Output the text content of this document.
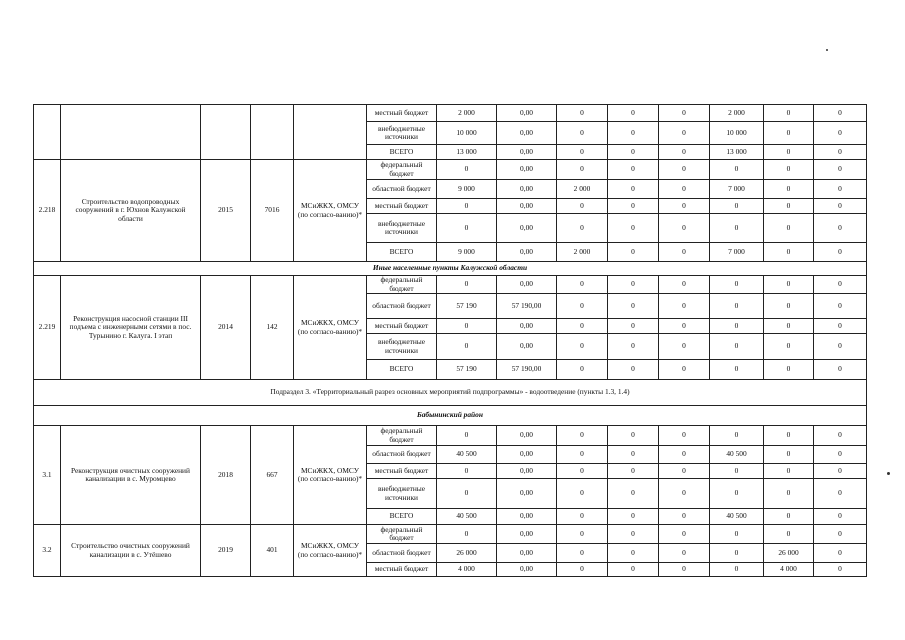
					местный бюджет	2 000	0,00	0	0	0	2 000	0	0
					внебюджетные источники	10 000	0,00	0	0	0	10 000	0	0
					ВСЕГО	13 000	0,00	0	0	0	13 000	0	0
2.218	Строительство водопроводных сооружений в г. Юхнов Калужской области	2015	7016	МСиЖКХ, ОМСУ (по согласо-ванию)*	федеральный бюджет	0	0,00	0	0	0	0	0	0
					областной бюджет	9 000	0,00	2 000	0	0	7 000	0	0
					местный бюджет	0	0,00	0	0	0	0	0	0
					внебюджетные источники	0	0,00	0	0	0	0	0	0
					ВСЕГО	9 000	0,00	2 000	0	0	7 000	0	0
Иные населенные пункты Калужской области													
2.219	Реконструкция насосной станции III подъема с инженерными сетями в пос. Турынино г. Калуга. I этап	2014	142	МСиЖКХ, ОМСУ (по согласо-ванию)*	федеральный бюджет	0	0,00	0	0	0	0	0	0
					областной бюджет	57 190	57 190,00	0	0	0	0	0	0
					местный бюджет	0	0,00	0	0	0	0	0	0
					внебюджетные источники	0	0,00	0	0	0	0	0	0
					ВСЕГО	57 190	57 190,00	0	0	0	0	0	0
Подраздел 3. «Территориальный разрез основных мероприятий подпрограммы» - водоотведение (пункты 1.3, 1.4)													
Бабынинский район													
3.1	Реконструкция очистных сооружений канализации в с. Муромцево	2018	667	МСиЖКХ, ОМСУ (по согласо-ванию)*	федеральный бюджет	0	0,00	0	0	0	0	0	0
					областной бюджет	40 500	0,00	0	0	0	40 500	0	0
					местный бюджет	0	0,00	0	0	0	0	0	0
					внебюджетные источники	0	0,00	0	0	0	0	0	0
					ВСЕГО	40 500	0,00	0	0	0	40 500	0	0
3.2	Строительство очистных сооружений канализации в с. Утёшево	2019	401	МСиЖКХ, ОМСУ (по согласо-ванию)*	федеральный бюджет	0	0,00	0	0	0	0	0	0
					областной бюджет	26 000	0,00	0	0	0	0	26 000	0
					местный бюджет	4 000	0,00	0	0	0	0	4 000	0
